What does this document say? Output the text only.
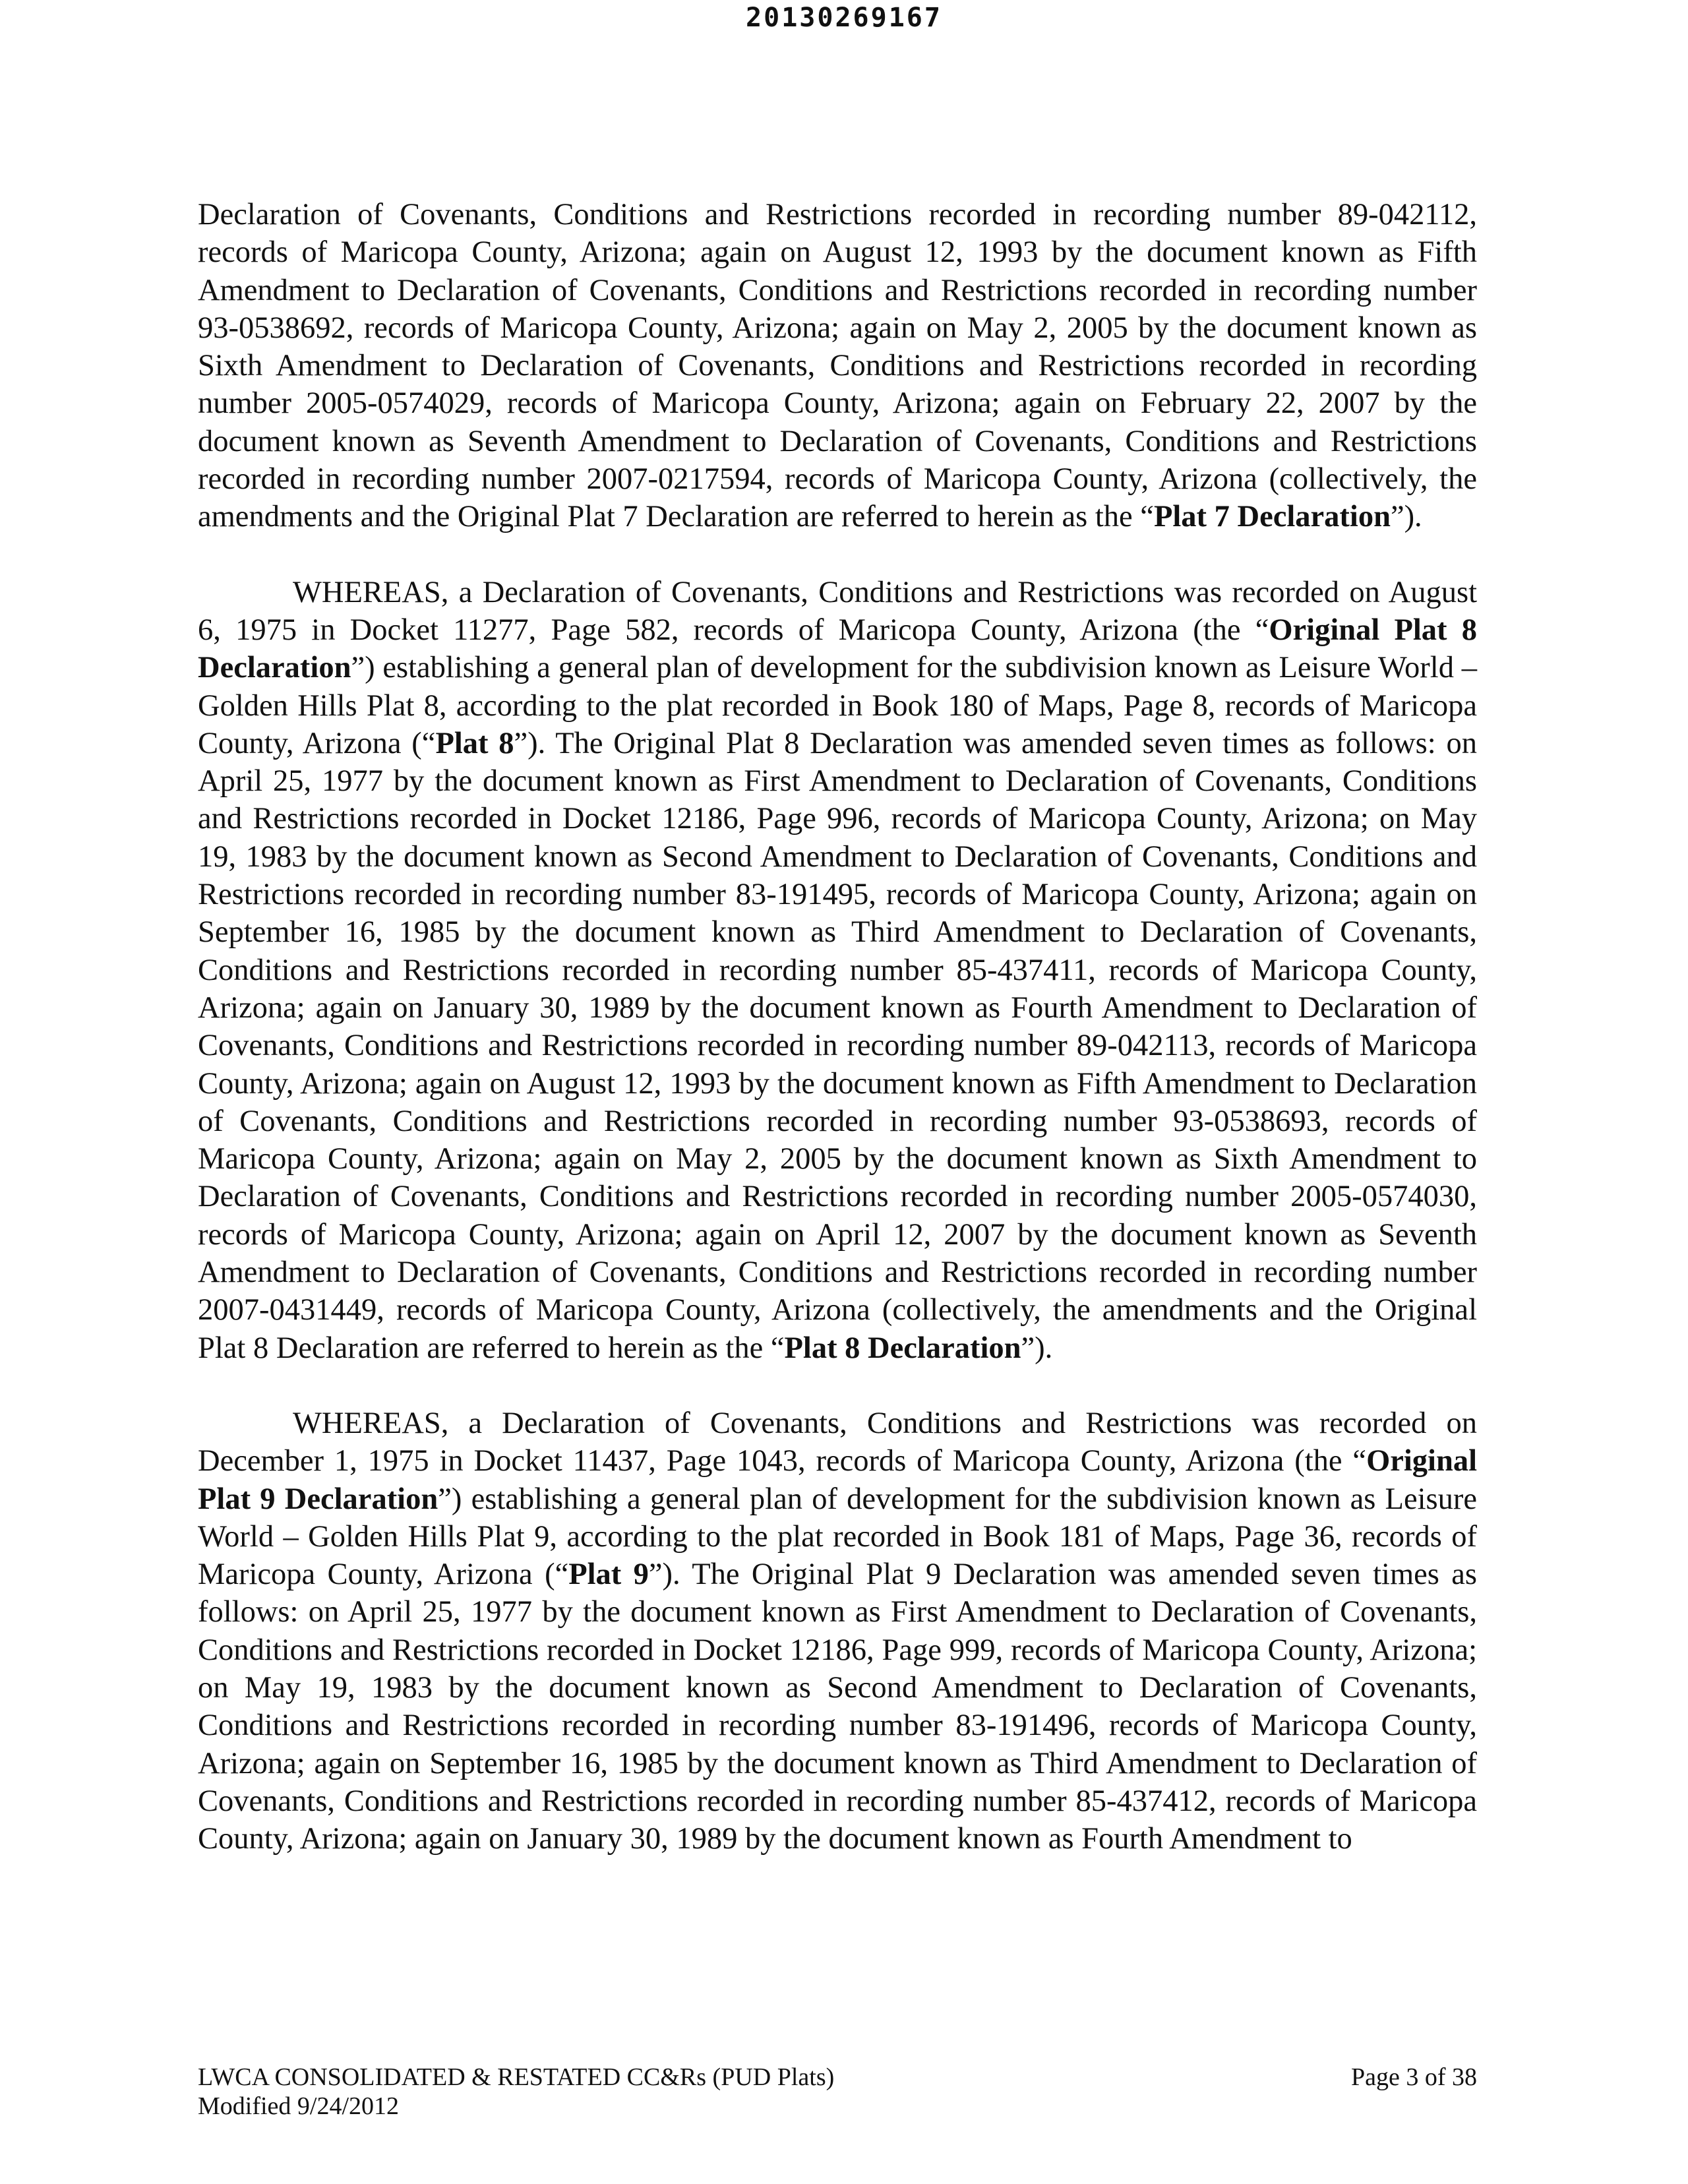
20130269167

Declaration of Covenants, Conditions and Restrictions recorded in recording number 89-042112, records of Maricopa County, Arizona; again on August 12, 1993 by the document known as Fifth Amendment to Declaration of Covenants, Conditions and Restrictions recorded in recording number 93-0538692, records of Maricopa County, Arizona; again on May 2, 2005 by the document known as Sixth Amendment to Declaration of Covenants, Conditions and Restrictions recorded in recording number 2005-0574029, records of Maricopa County, Arizona; again on February 22, 2007 by the document known as Seventh Amendment to Declaration of Covenants, Conditions and Restrictions recorded in recording number 2007-0217594, records of Maricopa County, Arizona (collectively, the amendments and the Original Plat 7 Declaration are referred to herein as the “Plat 7 Declaration”).

WHEREAS, a Declaration of Covenants, Conditions and Restrictions was recorded on August 6, 1975 in Docket 11277, Page 582, records of Maricopa County, Arizona (the “Original Plat 8 Declaration”) establishing a general plan of development for the subdivision known as Leisure World – Golden Hills Plat 8, according to the plat recorded in Book 180 of Maps, Page 8, records of Maricopa County, Arizona (“Plat 8”). The Original Plat 8 Declaration was amended seven times as follows: on April 25, 1977 by the document known as First Amendment to Declaration of Covenants, Conditions and Restrictions recorded in Docket 12186, Page 996, records of Maricopa County, Arizona; on May 19, 1983 by the document known as Second Amendment to Declaration of Covenants, Conditions and Restrictions recorded in recording number 83-191495, records of Maricopa County, Arizona; again on September 16, 1985 by the document known as Third Amendment to Declaration of Covenants, Conditions and Restrictions recorded in recording number 85-437411, records of Maricopa County, Arizona; again on January 30, 1989 by the document known as Fourth Amendment to Declaration of Covenants, Conditions and Restrictions recorded in recording number 89-042113, records of Maricopa County, Arizona; again on August 12, 1993 by the document known as Fifth Amendment to Declaration of Covenants, Conditions and Restrictions recorded in recording number 93-0538693, records of Maricopa County, Arizona; again on May 2, 2005 by the document known as Sixth Amendment to Declaration of Covenants, Conditions and Restrictions recorded in recording number 2005-0574030, records of Maricopa County, Arizona; again on April 12, 2007 by the document known as Seventh Amendment to Declaration of Covenants, Conditions and Restrictions recorded in recording number 2007-0431449, records of Maricopa County, Arizona (collectively, the amendments and the Original Plat 8 Declaration are referred to herein as the “Plat 8 Declaration”).

WHEREAS, a Declaration of Covenants, Conditions and Restrictions was recorded on December 1, 1975 in Docket 11437, Page 1043, records of Maricopa County, Arizona (the “Original Plat 9 Declaration”) establishing a general plan of development for the subdivision known as Leisure World – Golden Hills Plat 9, according to the plat recorded in Book 181 of Maps, Page 36, records of Maricopa County, Arizona (“Plat 9”). The Original Plat 9 Declaration was amended seven times as follows: on April 25, 1977 by the document known as First Amendment to Declaration of Covenants, Conditions and Restrictions recorded in Docket 12186, Page 999, records of Maricopa County, Arizona; on May 19, 1983 by the document known as Second Amendment to Declaration of Covenants, Conditions and Restrictions recorded in recording number 83-191496, records of Maricopa County, Arizona; again on September 16, 1985 by the document known as Third Amendment to Declaration of Covenants, Conditions and Restrictions recorded in recording number 85-437412, records of Maricopa County, Arizona; again on January 30, 1989 by the document known as Fourth Amendment to

LWCA CONSOLIDATED & RESTATED CC&Rs (PUD Plats)	Page 3 of 38
Modified 9/24/2012
